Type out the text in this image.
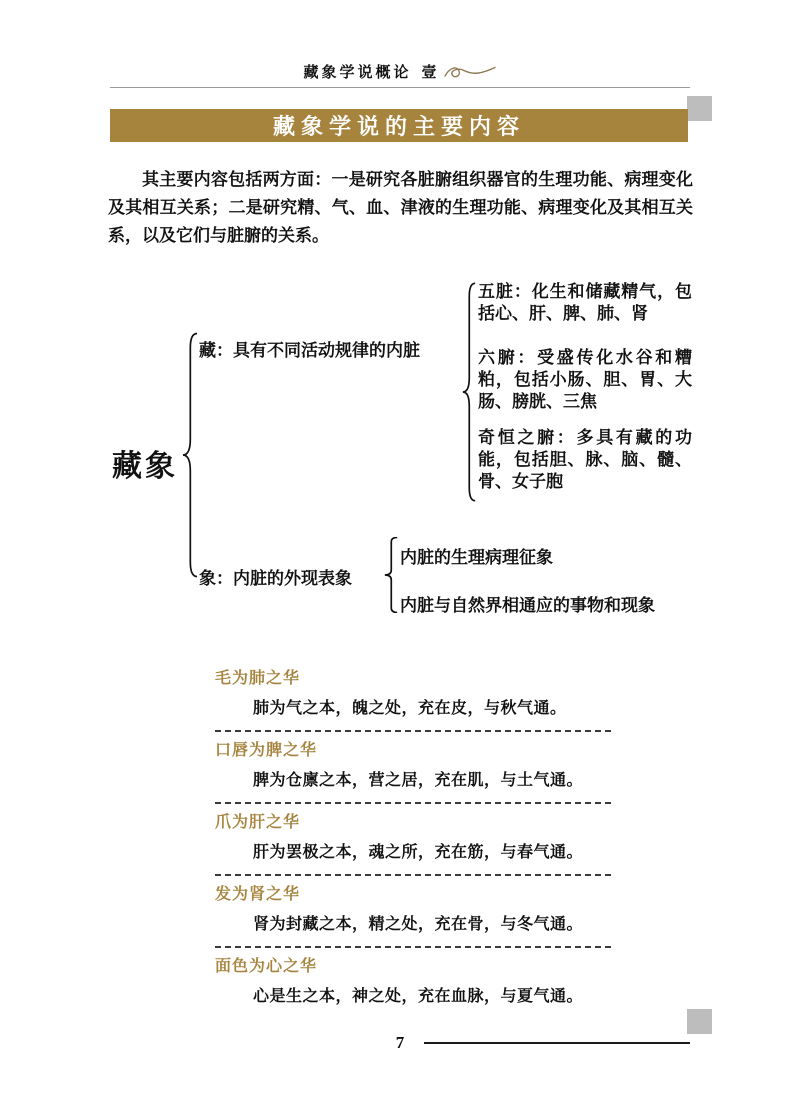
藏象学说概论 壹
藏象学说的主要内容

其主要内容包括两方面：一是研究各脏腑组织器官的生理功能、病理变化及其相互关系；二是研究精、气、血、津液的生理功能、病理变化及其相互关系，以及它们与脏腑的关系。

藏象
藏：具有不同活动规律的内脏
五脏：化生和储藏精气，包括心、肝、脾、肺、肾
六腑：受盛传化水谷和糟粕，包括小肠、胆、胃、大肠、膀胱、三焦
奇恒之腑：多具有藏的功能，包括胆、脉、脑、髓、骨、女子胞
象：内脏的外现表象
内脏的生理病理征象
内脏与自然界相通应的事物和现象
毛为肺之华
肺为气之本，魄之处，充在皮，与秋气通。
口唇为脾之华
脾为仓廪之本，营之居，充在肌，与土气通。
爪为肝之华
肝为罢极之本，魂之所，充在筋，与春气通。
发为肾之华
肾为封藏之本，精之处，充在骨，与冬气通。
面色为心之华
心是生之本，神之处，充在血脉，与夏气通。
7
